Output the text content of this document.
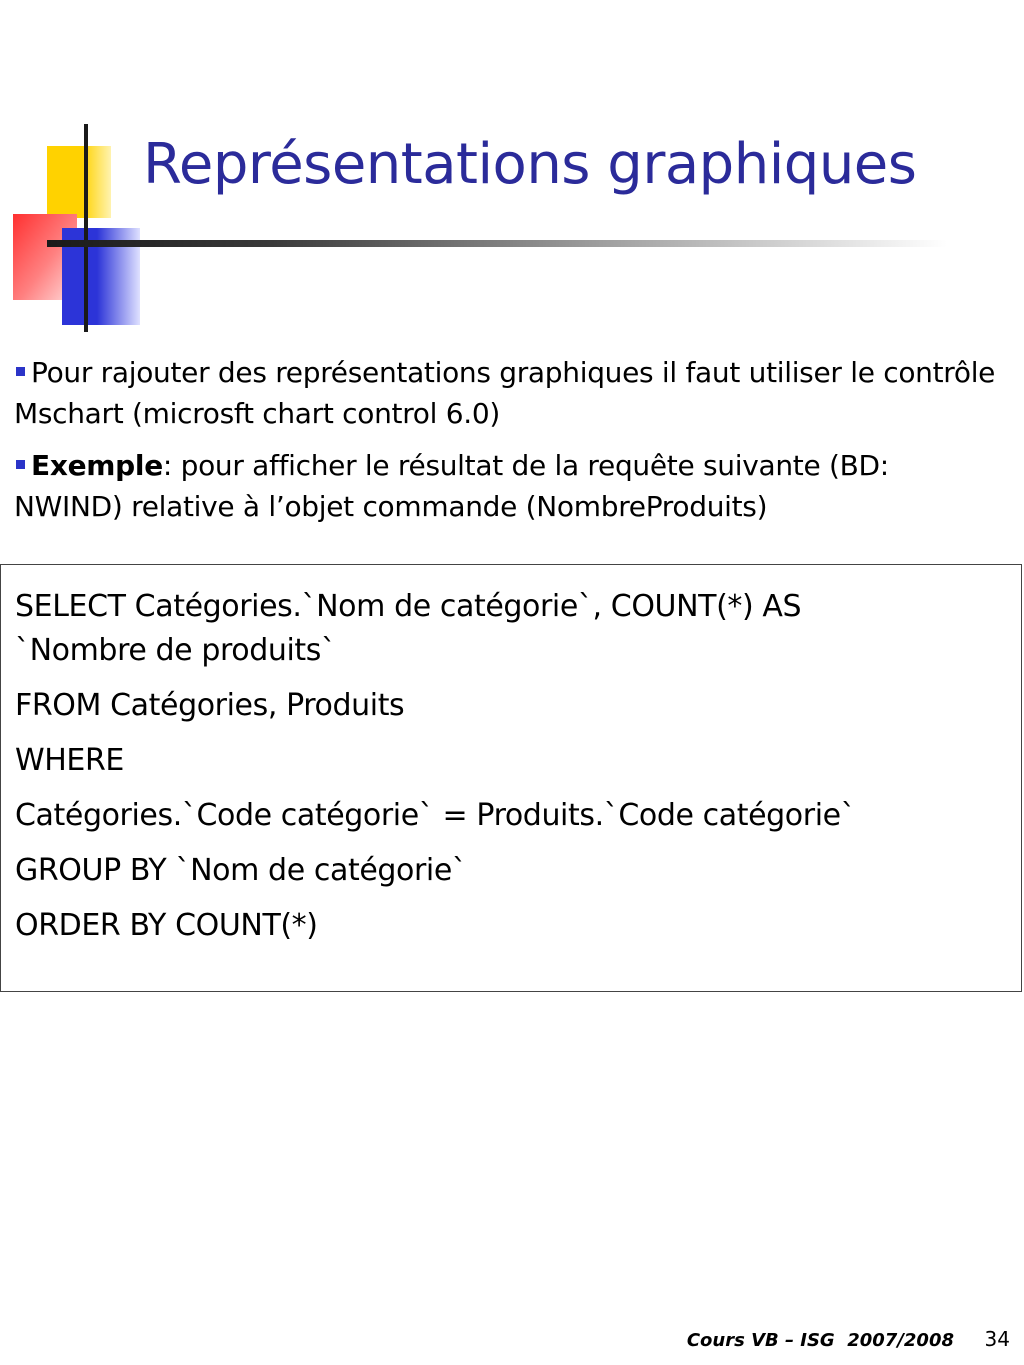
Représentations graphiques

Pour rajouter des représentations graphiques il faut utiliser le contrôle Mschart (microsft chart control 6.0)

Exemple: pour afficher le résultat de la requête suivante (BD: NWIND) relative à l’objet commande (NombreProduits)

SELECT Catégories.`Nom de catégorie`, COUNT(*) AS

`Nombre de produits`

FROM Catégories, Produits

WHERE

Catégories.`Code catégorie` = Produits.`Code catégorie`

GROUP BY `Nom de catégorie`

ORDER BY COUNT(*)

Cours VB – ISG  2007/2008 34
